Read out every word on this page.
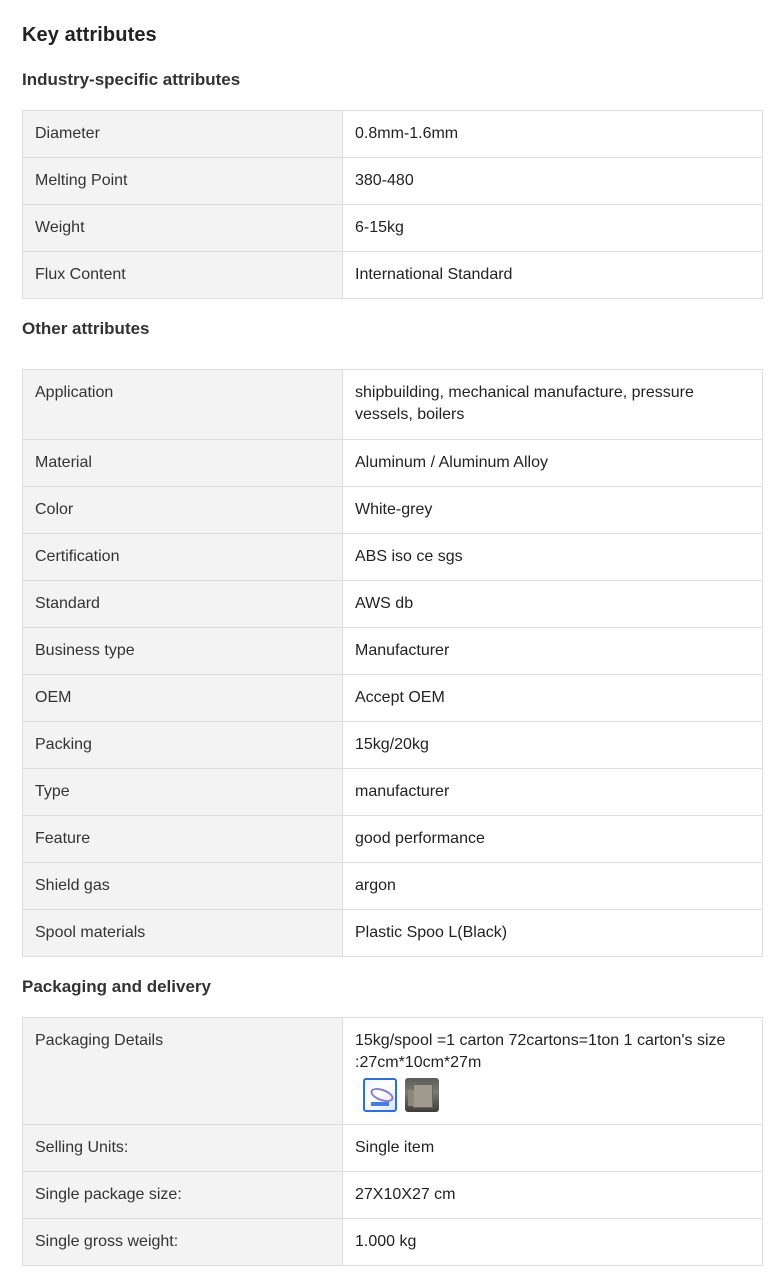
Key attributes
Industry-specific attributes
Diameter	0.8mm-1.6mm
Melting Point	380-480
Weight	6-15kg
Flux Content	International Standard
Other attributes
Application	shipbuilding, mechanical manufacture, pressure vessels, boilers
Material	Aluminum / Aluminum Alloy
Color	White-grey
Certification	ABS iso ce sgs
Standard	AWS db
Business type	Manufacturer
OEM	Accept OEM
Packing	15kg/20kg
Type	manufacturer
Feature	good performance
Shield gas	argon
Spool materials	Plastic Spoo L(Black)
Packaging and delivery
Packaging Details	15kg/spool =1 carton 72cartons=1ton 1 carton's size :27cm*10cm*27m

Selling Units:	Single item
Single package size:	27X10X27 cm
Single gross weight:	1.000 kg
